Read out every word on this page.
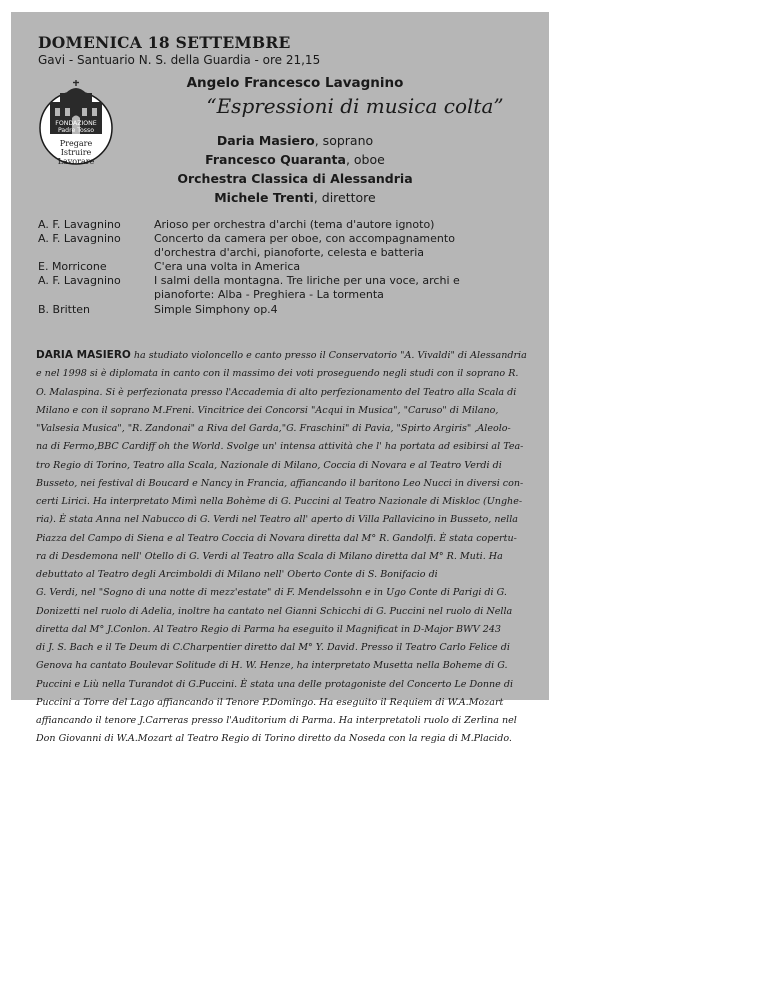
DOMENICA 18 SETTEMBRE
Gavi - Santuario N. S. della Guardia - ore 21,15
FONDAZIONE
Padre Tosso
Pregare
Istruire
Lavorare
Angelo Francesco Lavagnino
“Espressioni di musica colta”
Daria Masiero, soprano
Francesco Quaranta, oboe
Orchestra Classica di Alessandria
Michele Trenti, direttore
A. F. Lavagnino	Arioso per orchestra d'archi (tema d'autore ignoto)
A. F. Lavagnino	Concerto da camera per oboe, con accompagnamento
d'orchestra d'archi, pianoforte, celesta e batteria
E. Morricone	C'era una volta in America
A. F. Lavagnino	I salmi della montagna. Tre liriche per una voce, archi e
pianoforte: Alba - Preghiera - La tormenta
B. Britten	Simple Simphony op.4
DARIA MASIERO ha studiato violoncello e canto presso il Conservatorio "A. Vivaldi" di Alessandria
e nel 1998 si è diplomata in canto con il massimo dei voti proseguendo negli studi con il soprano R.
O. Malaspina. Si è perfezionata presso l'Accademia di alto perfezionamento del Teatro alla Scala di
Milano e con il soprano M.Freni. Vincitrice dei Concorsi "Acqui in Musica", "Caruso" di Milano,
"Valsesia Musica", "R. Zandonai" a Riva del Garda,"G. Fraschini" di Pavia, "Spirto Argiris" ,Aleolo-
na di Fermo,BBC Cardiff oh the World. Svolge un' intensa attività che l' ha portata ad esibirsi al Tea-
tro Regio di Torino, Teatro alla Scala, Nazionale di Milano, Coccia di Novara e al Teatro Verdi di
Busseto, nei festival di Boucard e Nancy in Francia, affiancando il baritono Leo Nucci in diversi con-
certi Lirici. Ha interpretato Mimì nella Bohème di G. Puccini al Teatro Nazionale di Miskloc (Unghe-
ria). È stata Anna nel Nabucco di G. Verdi nel Teatro all' aperto di Villa Pallavicino in Busseto, nella
Piazza del Campo di Siena e al Teatro Coccia di Novara diretta dal M° R. Gandolfi. È stata copertu-
ra di Desdemona nell' Otello di G. Verdi al Teatro alla Scala di Milano diretta dal M° R. Muti. Ha
debuttato al Teatro degli Arcimboldi di Milano nell' Oberto Conte di S. Bonifacio di
G. Verdi, nel "Sogno di una notte di mezz'estate" di F. Mendelssohn e in Ugo Conte di Parigi di G.
Donizetti nel ruolo di Adelia, inoltre ha cantato nel Gianni Schicchi di G. Puccini nel ruolo di Nella
diretta dal M° J.Conlon. Al Teatro Regio di Parma ha eseguito il Magnificat in D-Major BWV 243
di J. S. Bach e il Te Deum di C.Charpentier diretto dal M° Y. David. Presso il Teatro Carlo Felice di
Genova ha cantato Boulevar Solitude di H. W. Henze, ha interpretato Musetta nella Boheme di G.
Puccini e Liù nella Turandot di G.Puccini. È stata una delle protagoniste del Concerto Le Donne di
Puccini a Torre del Lago affiancando il Tenore P.Domingo. Ha eseguito il Requiem di W.A.Mozart
affiancando il tenore J.Carreras presso l'Auditorium di Parma. Ha interpretatoli ruolo di Zerlina nel
Don Giovanni di W.A.Mozart al Teatro Regio di Torino diretto da Noseda con la regia di M.Placido.
